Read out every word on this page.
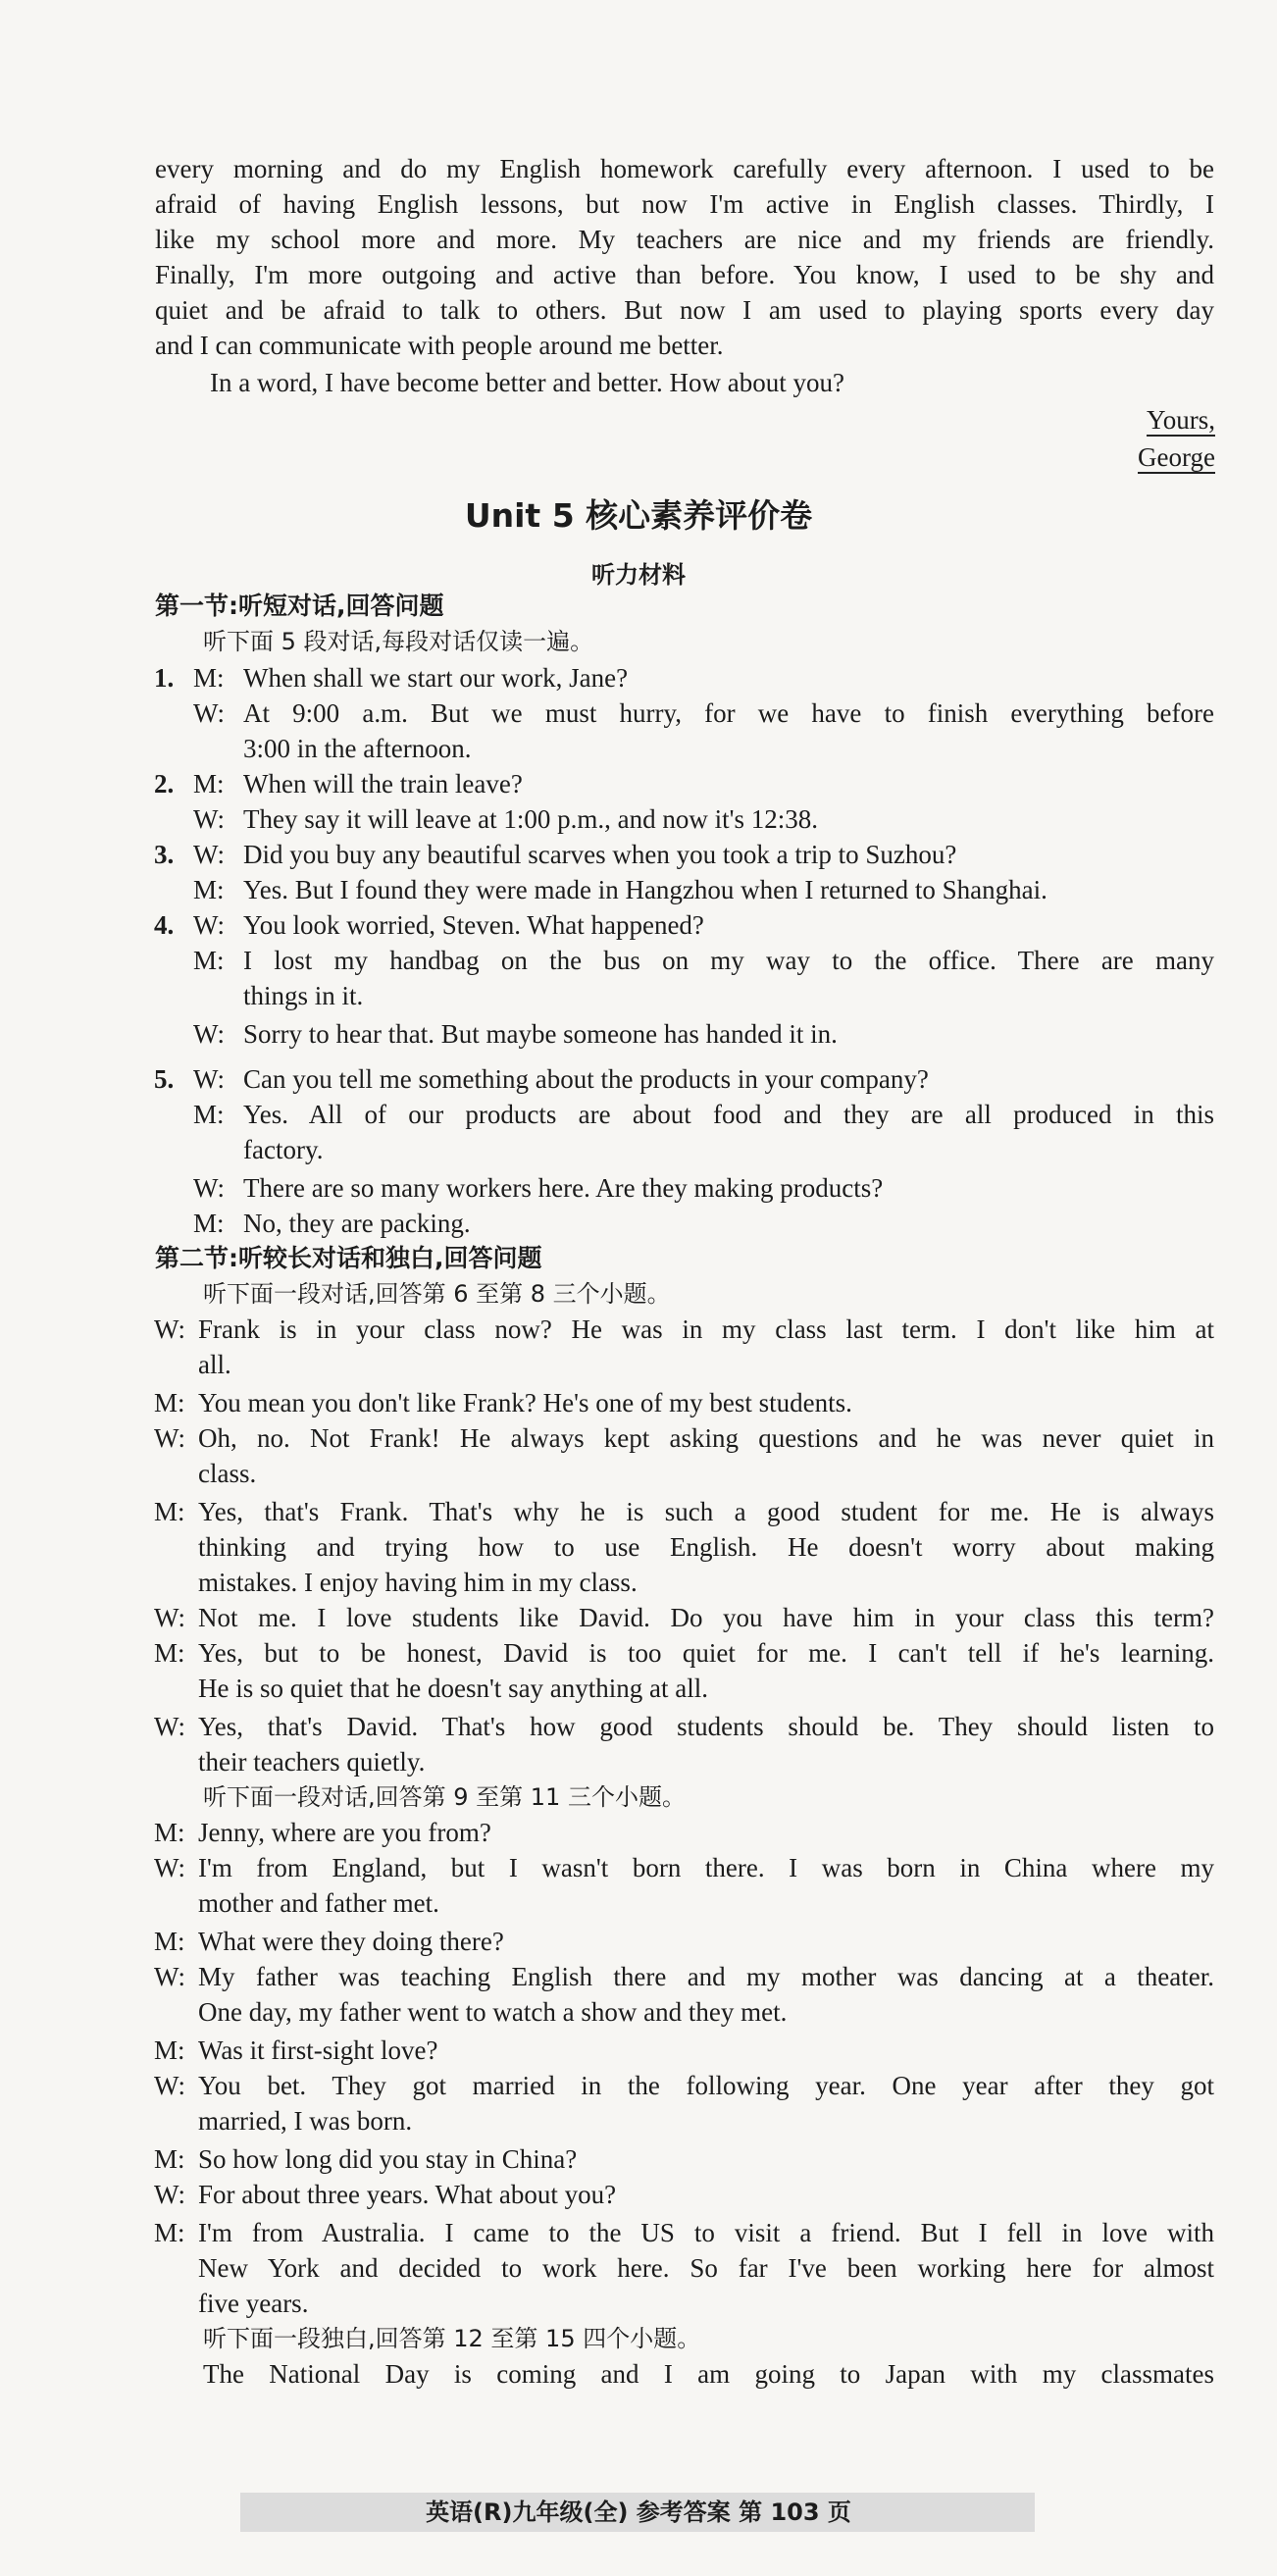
every morning and do my English homework carefully every afternoon. I used to be
afraid of having English lessons, but now I'm active in English classes. Thirdly, I
like my school more and more. My teachers are nice and my friends are friendly.
Finally, I'm more outgoing and active than before. You know, I used to be shy and
quiet and be afraid to talk to others. But now I am used to playing sports every day
and I can communicate with people around me better.
In a word, I have become better and better. How about you?
Yours,
George
Unit 5 核心素养评价卷
听力材料
第一节:听短对话,回答问题
听下面 5 段对话,每段对话仅读一遍。
1. M: When shall we start our work, Jane?
W: At 9:00 a.m. But we must hurry, for we have to finish everything before
3:00 in the afternoon.
2. M: When will the train leave?
W: They say it will leave at 1:00 p.m., and now it's 12:38.
3. W: Did you buy any beautiful scarves when you took a trip to Suzhou?
M: Yes. But I found they were made in Hangzhou when I returned to Shanghai.
4. W: You look worried, Steven. What happened?
M: I lost my handbag on the bus on my way to the office. There are many
things in it.
W: Sorry to hear that. But maybe someone has handed it in.
5. W: Can you tell me something about the products in your company?
M: Yes. All of our products are about food and they are all produced in this
factory.
W: There are so many workers here. Are they making products?
M: No, they are packing.
第二节:听较长对话和独白,回答问题
听下面一段对话,回答第 6 至第 8 三个小题。
W: Frank is in your class now? He was in my class last term. I don't like him at
all.
M: You mean you don't like Frank? He's one of my best students.
W: Oh, no. Not Frank! He always kept asking questions and he was never quiet in
class.
M: Yes, that's Frank. That's why he is such a good student for me. He is always
thinking and trying how to use English. He doesn't worry about making
mistakes. I enjoy having him in my class.
W: Not me. I love students like David. Do you have him in your class this term?
M: Yes, but to be honest, David is too quiet for me. I can't tell if he's learning.
He is so quiet that he doesn't say anything at all.
W: Yes, that's David. That's how good students should be. They should listen to
their teachers quietly.
听下面一段对话,回答第 9 至第 11 三个小题。
M: Jenny, where are you from?
W: I'm from England, but I wasn't born there. I was born in China where my
mother and father met.
M: What were they doing there?
W: My father was teaching English there and my mother was dancing at a theater.
One day, my father went to watch a show and they met.
M: Was it first-sight love?
W: You bet. They got married in the following year. One year after they got
married, I was born.
M: So how long did you stay in China?
W: For about three years. What about you?
M: I'm from Australia. I came to the US to visit a friend. But I fell in love with
New York and decided to work here. So far I've been working here for almost
five years.
听下面一段独白,回答第 12 至第 15 四个小题。
The National Day is coming and I am going to Japan with my classmates
英语(R)九年级(全) 参考答案 第 103 页
